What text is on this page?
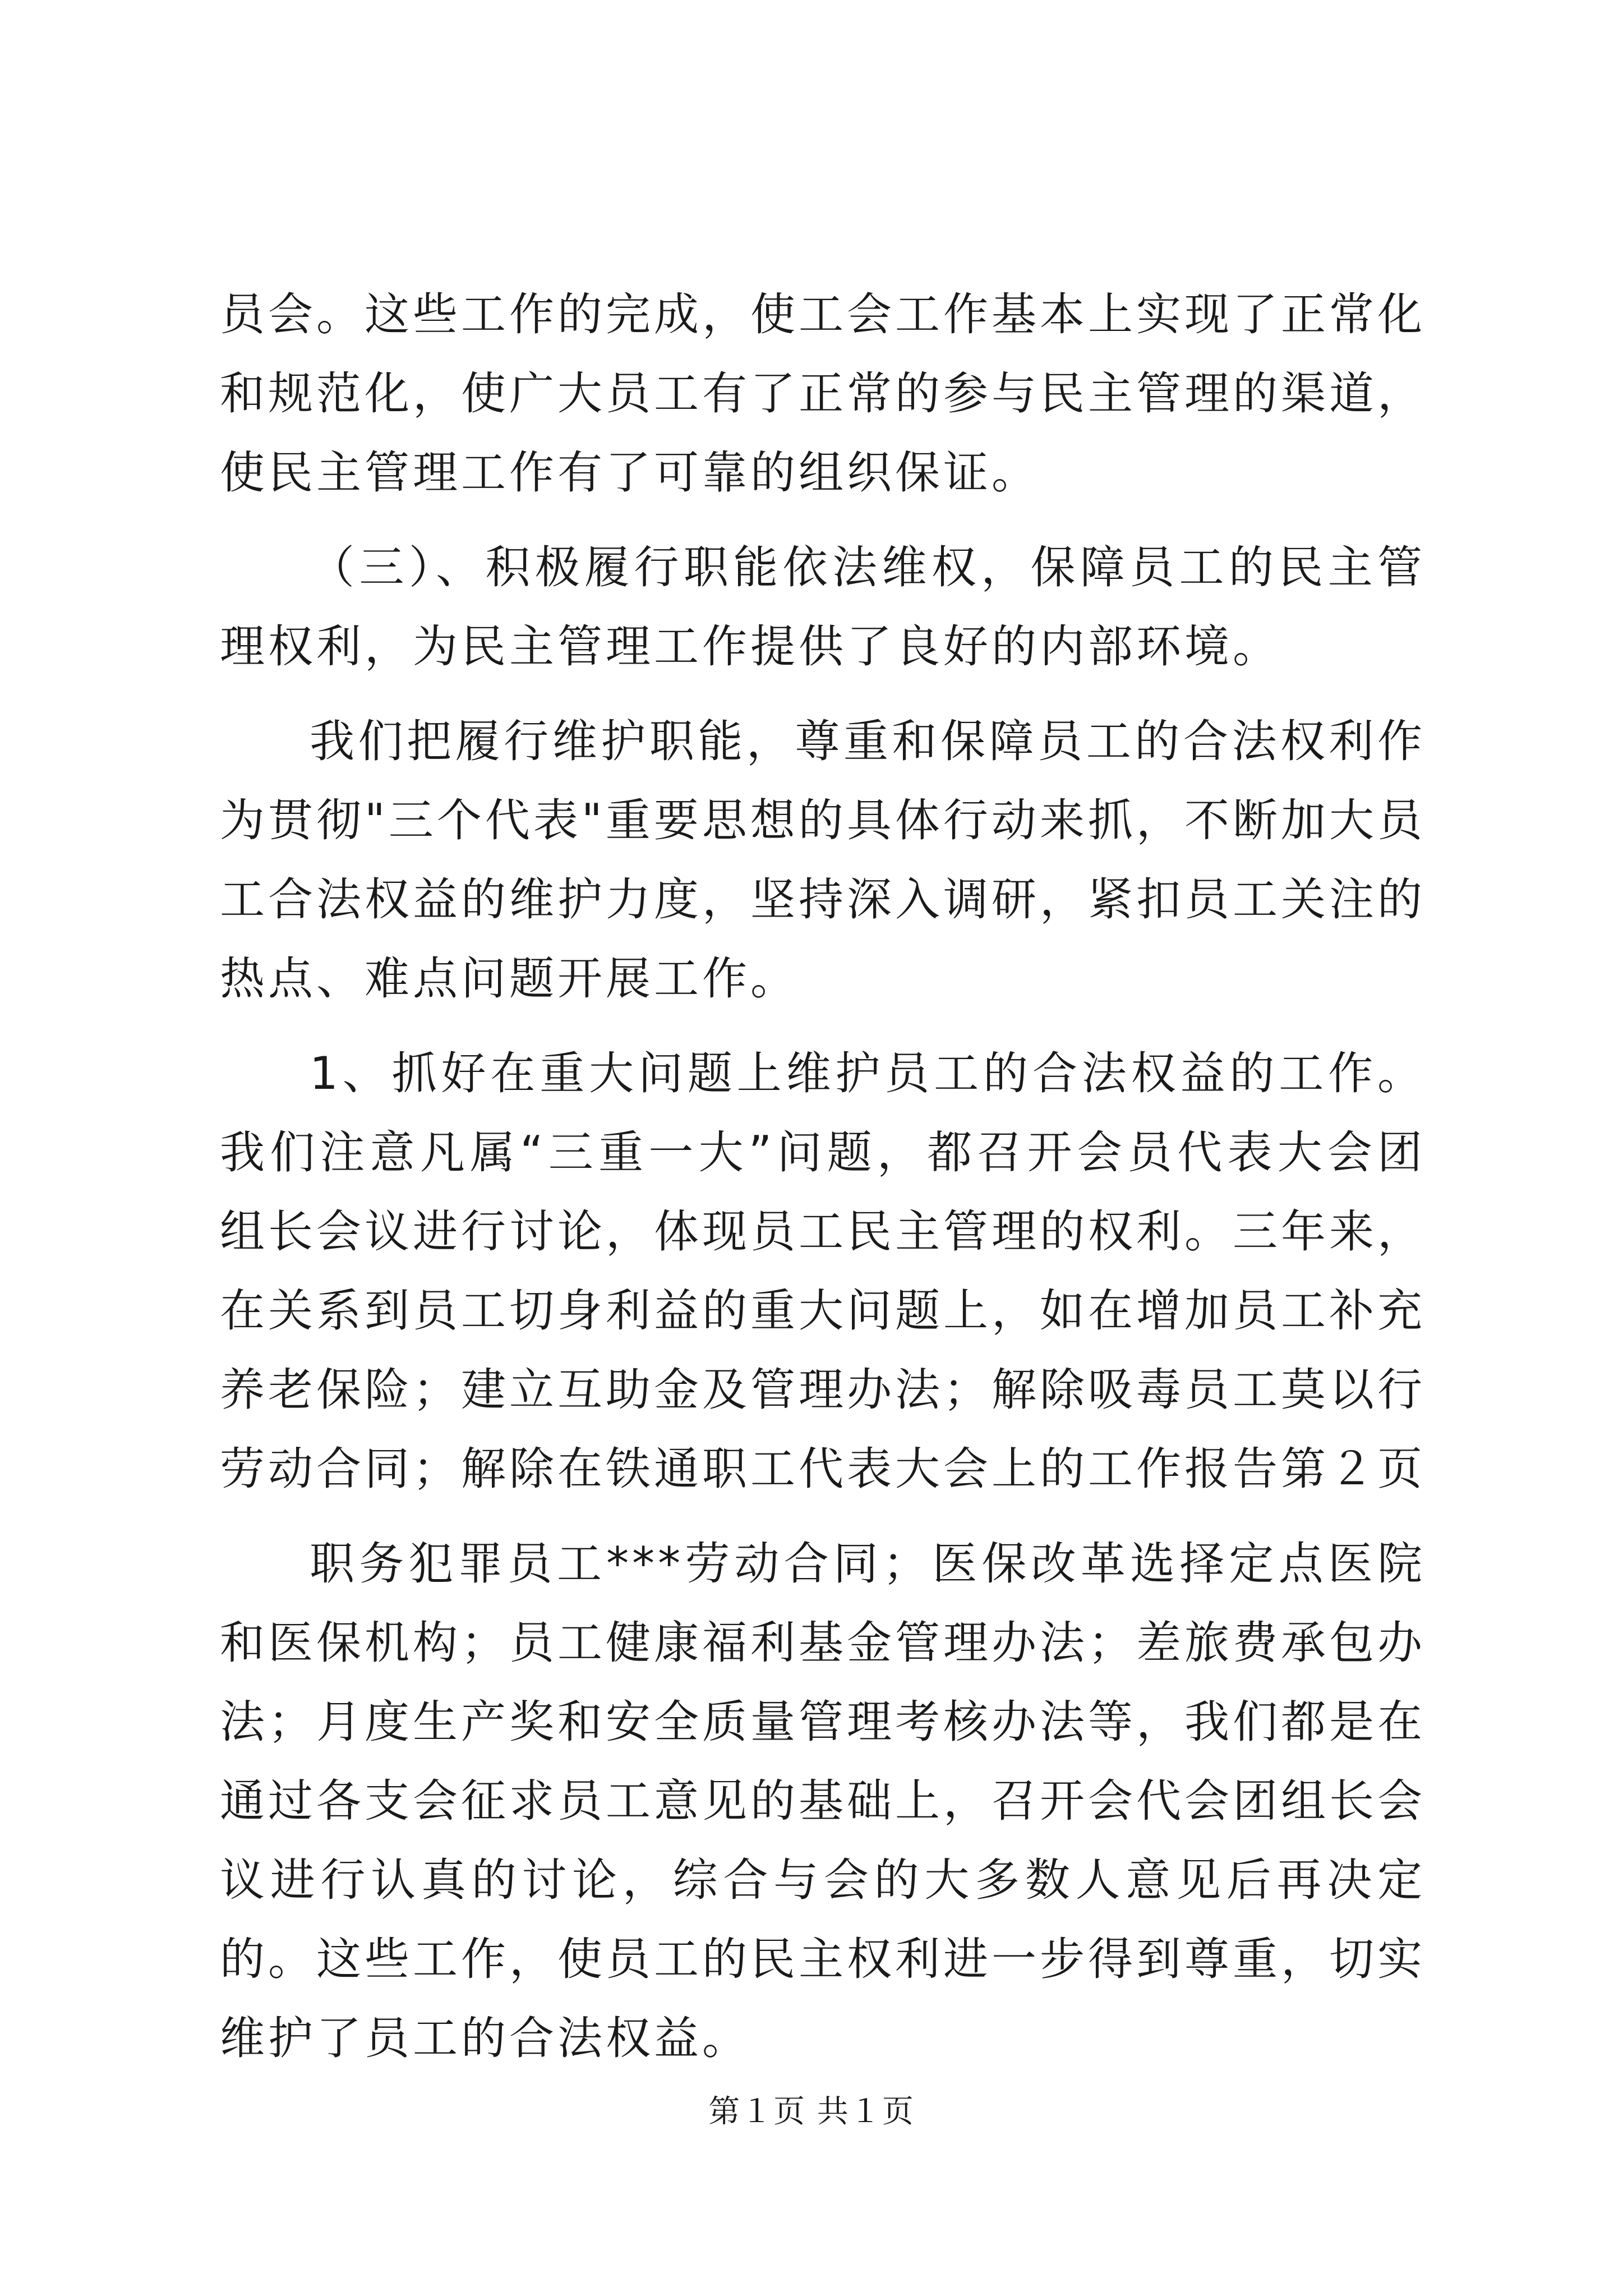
员会。这些工作的完成，使工会工作基本上实现了正常化和规范化，使广大员工有了正常的参与民主管理的渠道，使民主管理工作有了可靠的组织保证。

（三）、积极履行职能依法维权，保障员工的民主管理权利，为民主管理工作提供了良好的内部环境。

我们把履行维护职能，尊重和保障员工的合法权利作为贯彻"三个代表"重要思想的具体行动来抓，不断加大员工合法权益的维护力度，坚持深入调研，紧扣员工关注的热点、难点问题开展工作。

1、抓好在重大问题上维护员工的合法权益的工作。我们注意凡属“三重一大”问题，都召开会员代表大会团组长会议进行讨论，体现员工民主管理的权利。三年来，在关系到员工切身利益的重大问题上，如在增加员工补充养老保险；建立互助金及管理办法；解除吸毒员工莫以行劳动合同；解除在铁通职工代表大会上的工作报告第２页

职务犯罪员工***劳动合同；医保改革选择定点医院和医保机构；员工健康福利基金管理办法；差旅费承包办法；月度生产奖和安全质量管理考核办法等，我们都是在通过各支会征求员工意见的基础上，召开会代会团组长会议进行认真的讨论，综合与会的大多数人意见后再决定的。这些工作，使员工的民主权利进一步得到尊重，切实维护了员工的合法权益。

第１页 共１页
